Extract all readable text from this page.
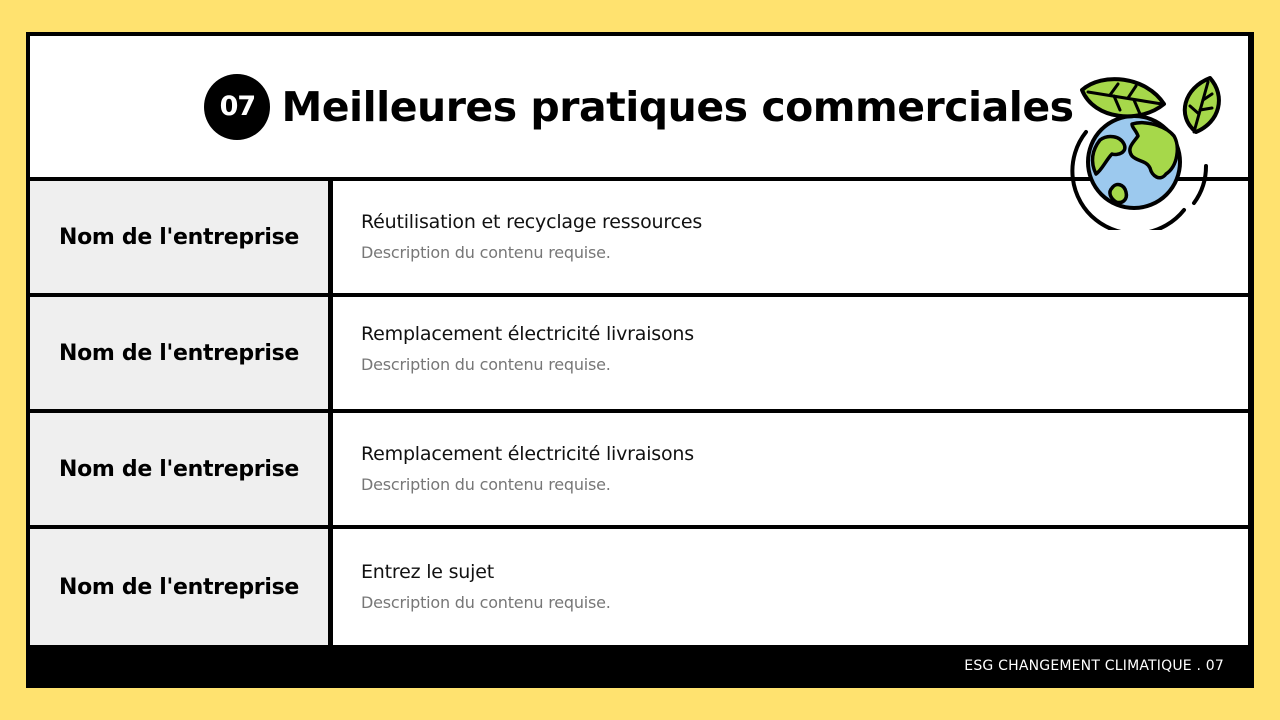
07 Meilleures pratiques commerciales
Nom de l'entreprise
Réutilisation et recyclage ressources
Description du contenu requise.
Nom de l'entreprise
Remplacement électricité livraisons
Description du contenu requise.
Nom de l'entreprise
Remplacement électricité livraisons
Description du contenu requise.
Nom de l'entreprise
Entrez le sujet
Description du contenu requise.
ESG CHANGEMENT CLIMATIQUE . 07
